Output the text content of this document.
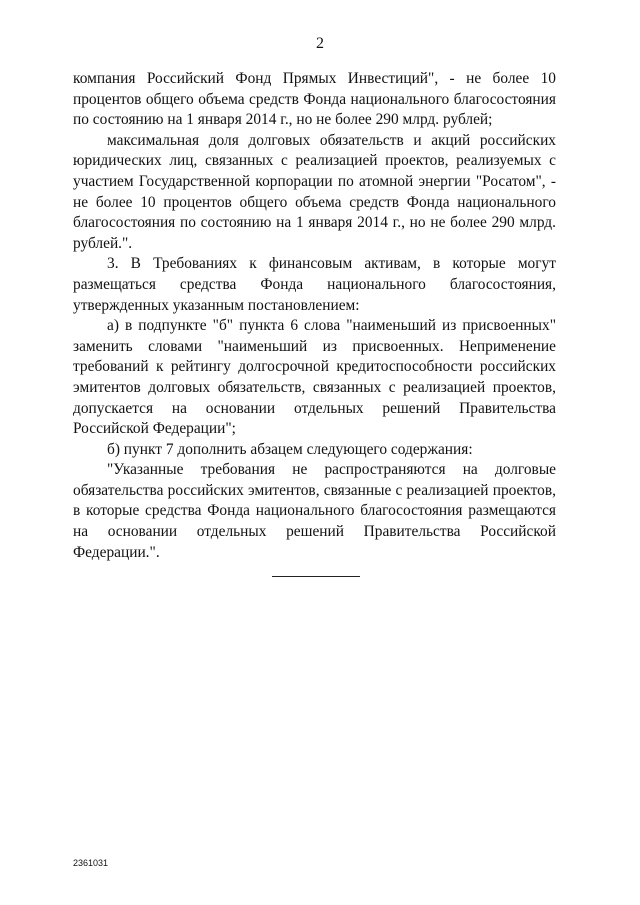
2

компания Российский Фонд Прямых Инвестиций", - не более 10 процентов общего объема средств Фонда национального благосостояния по состоянию на 1 января 2014 г., но не более 290 млрд. рублей;

максимальная доля долговых обязательств и акций российских юридических лиц, связанных с реализацией проектов, реализуемых с участием Государственной корпорации по атомной энергии "Росатом", - не более 10 процентов общего объема средств Фонда национального благосостояния по состоянию на 1 января 2014 г., но не более 290 млрд. рублей.".

3. В Требованиях к финансовым активам, в которые могут размещаться средства Фонда национального благосостояния, утвержденных указанным постановлением:

а) в подпункте "б" пункта 6 слова "наименьший из присвоенных" заменить словами "наименьший из присвоенных. Неприменение требований к рейтингу долгосрочной кредитоспособности российских эмитентов долговых обязательств, связанных с реализацией проектов, допускается на основании отдельных решений Правительства Российской Федерации";

б) пункт 7 дополнить абзацем следующего содержания:

"Указанные требования не распространяются на долговые обязательства российских эмитентов, связанные с реализацией проектов, в которые средства Фонда национального благосостояния размещаются на основании отдельных решений Правительства Российской Федерации.".

2361031
